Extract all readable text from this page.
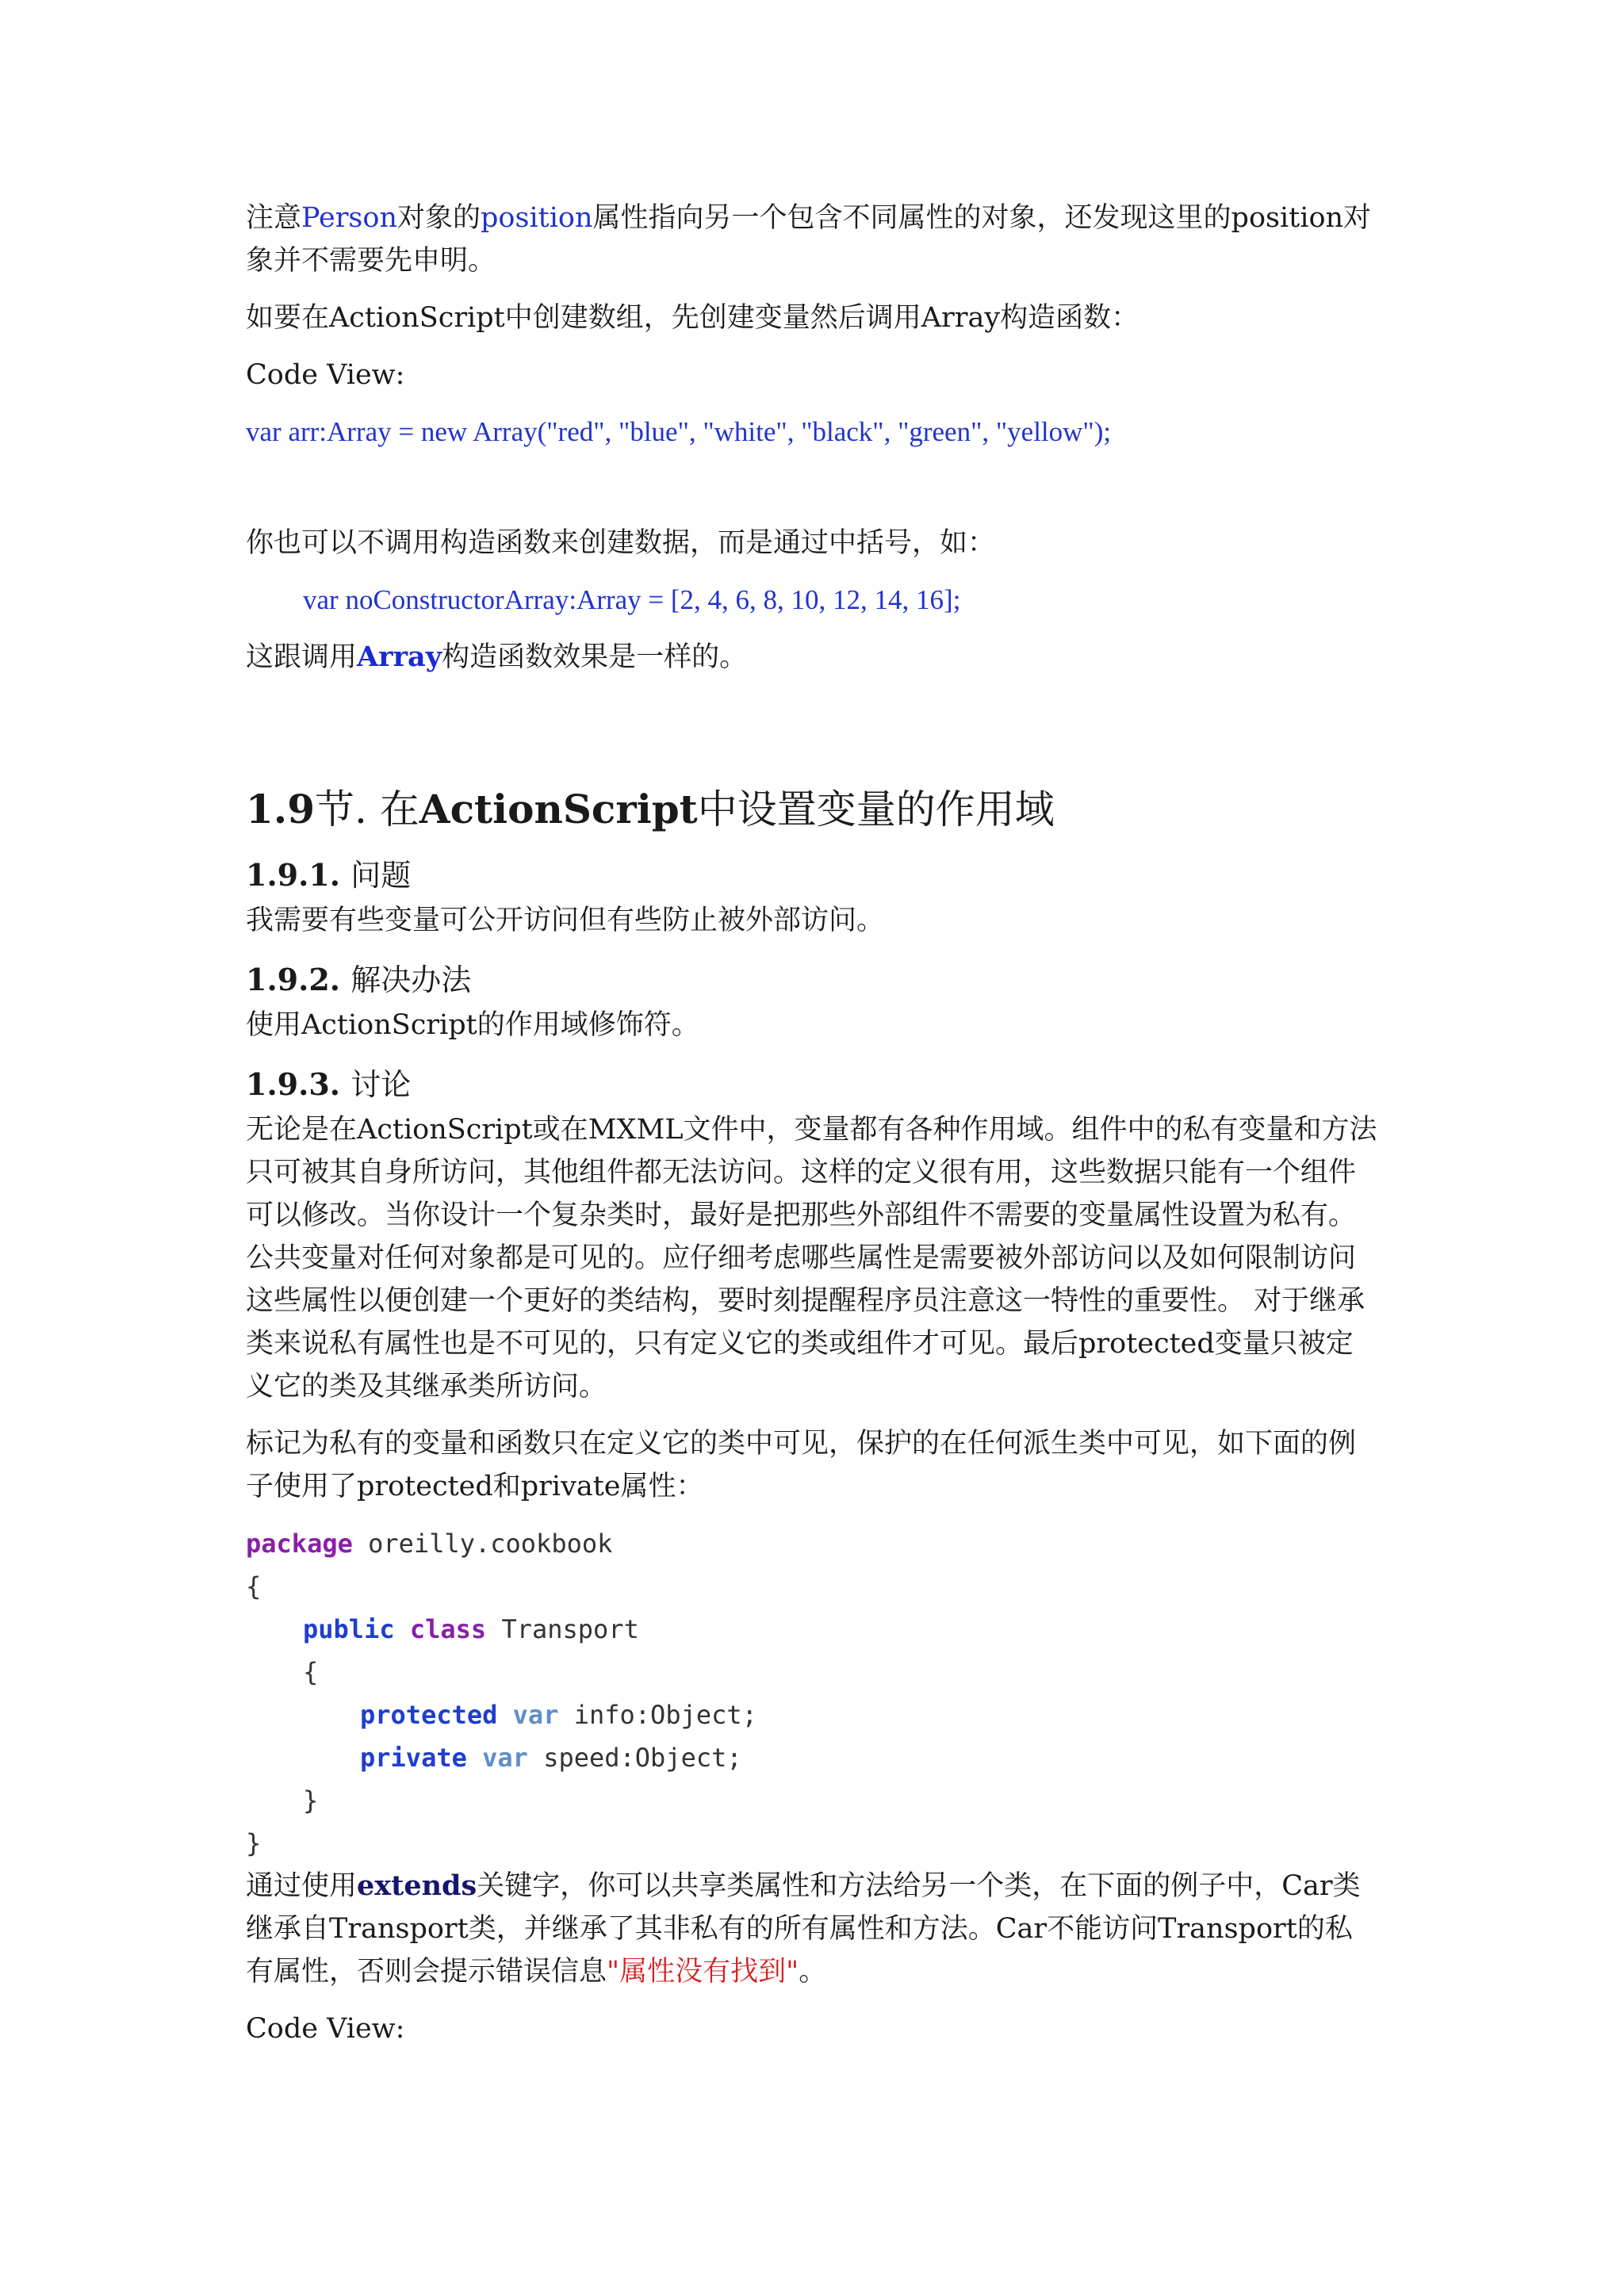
注意Person对象的position属性指向另一个包含不同属性的对象，还发现这里的position对象并不需要先申明。

如要在ActionScript中创建数组，先创建变量然后调用Array构造函数：

Code View:

var arr:Array = new Array("red", "blue", "white", "black", "green", "yellow");

你也可以不调用构造函数来创建数据，而是通过中括号，如：

var noConstructorArray:Array = [2, 4, 6, 8, 10, 12, 14, 16];

这跟调用Array构造函数效果是一样的。

1.9节. 在ActionScript中设置变量的作用域

1.9.1. 问题

我需要有些变量可公开访问但有些防止被外部访问。

1.9.2. 解决办法

使用ActionScript的作用域修饰符。

1.9.3. 讨论

无论是在ActionScript或在MXML文件中，变量都有各种作用域。组件中的私有变量和方法只可被其自身所访问，其他组件都无法访问。这样的定义很有用，这些数据只能有一个组件可以修改。当你设计一个复杂类时，最好是把那些外部组件不需要的变量属性设置为私有。公共变量对任何对象都是可见的。应仔细考虑哪些属性是需要被外部访问以及如何限制访问这些属性以便创建一个更好的类结构，要时刻提醒程序员注意这一特性的重要性。 对于继承类来说私有属性也是不可见的，只有定义它的类或组件才可见。最后protected变量只被定义它的类及其继承类所访问。

标记为私有的变量和函数只在定义它的类中可见，保护的在任何派生类中可见，如下面的例子使用了protected和private属性：

package oreilly.cookbook

{

public class Transport

{

protected var info:Object;

private var speed:Object;

}

}

通过使用extends关键字，你可以共享类属性和方法给另一个类，在下面的例子中，Car类继承自Transport类，并继承了其非私有的所有属性和方法。Car不能访问Transport的私有属性，否则会提示错误信息"属性没有找到"。

Code View:
